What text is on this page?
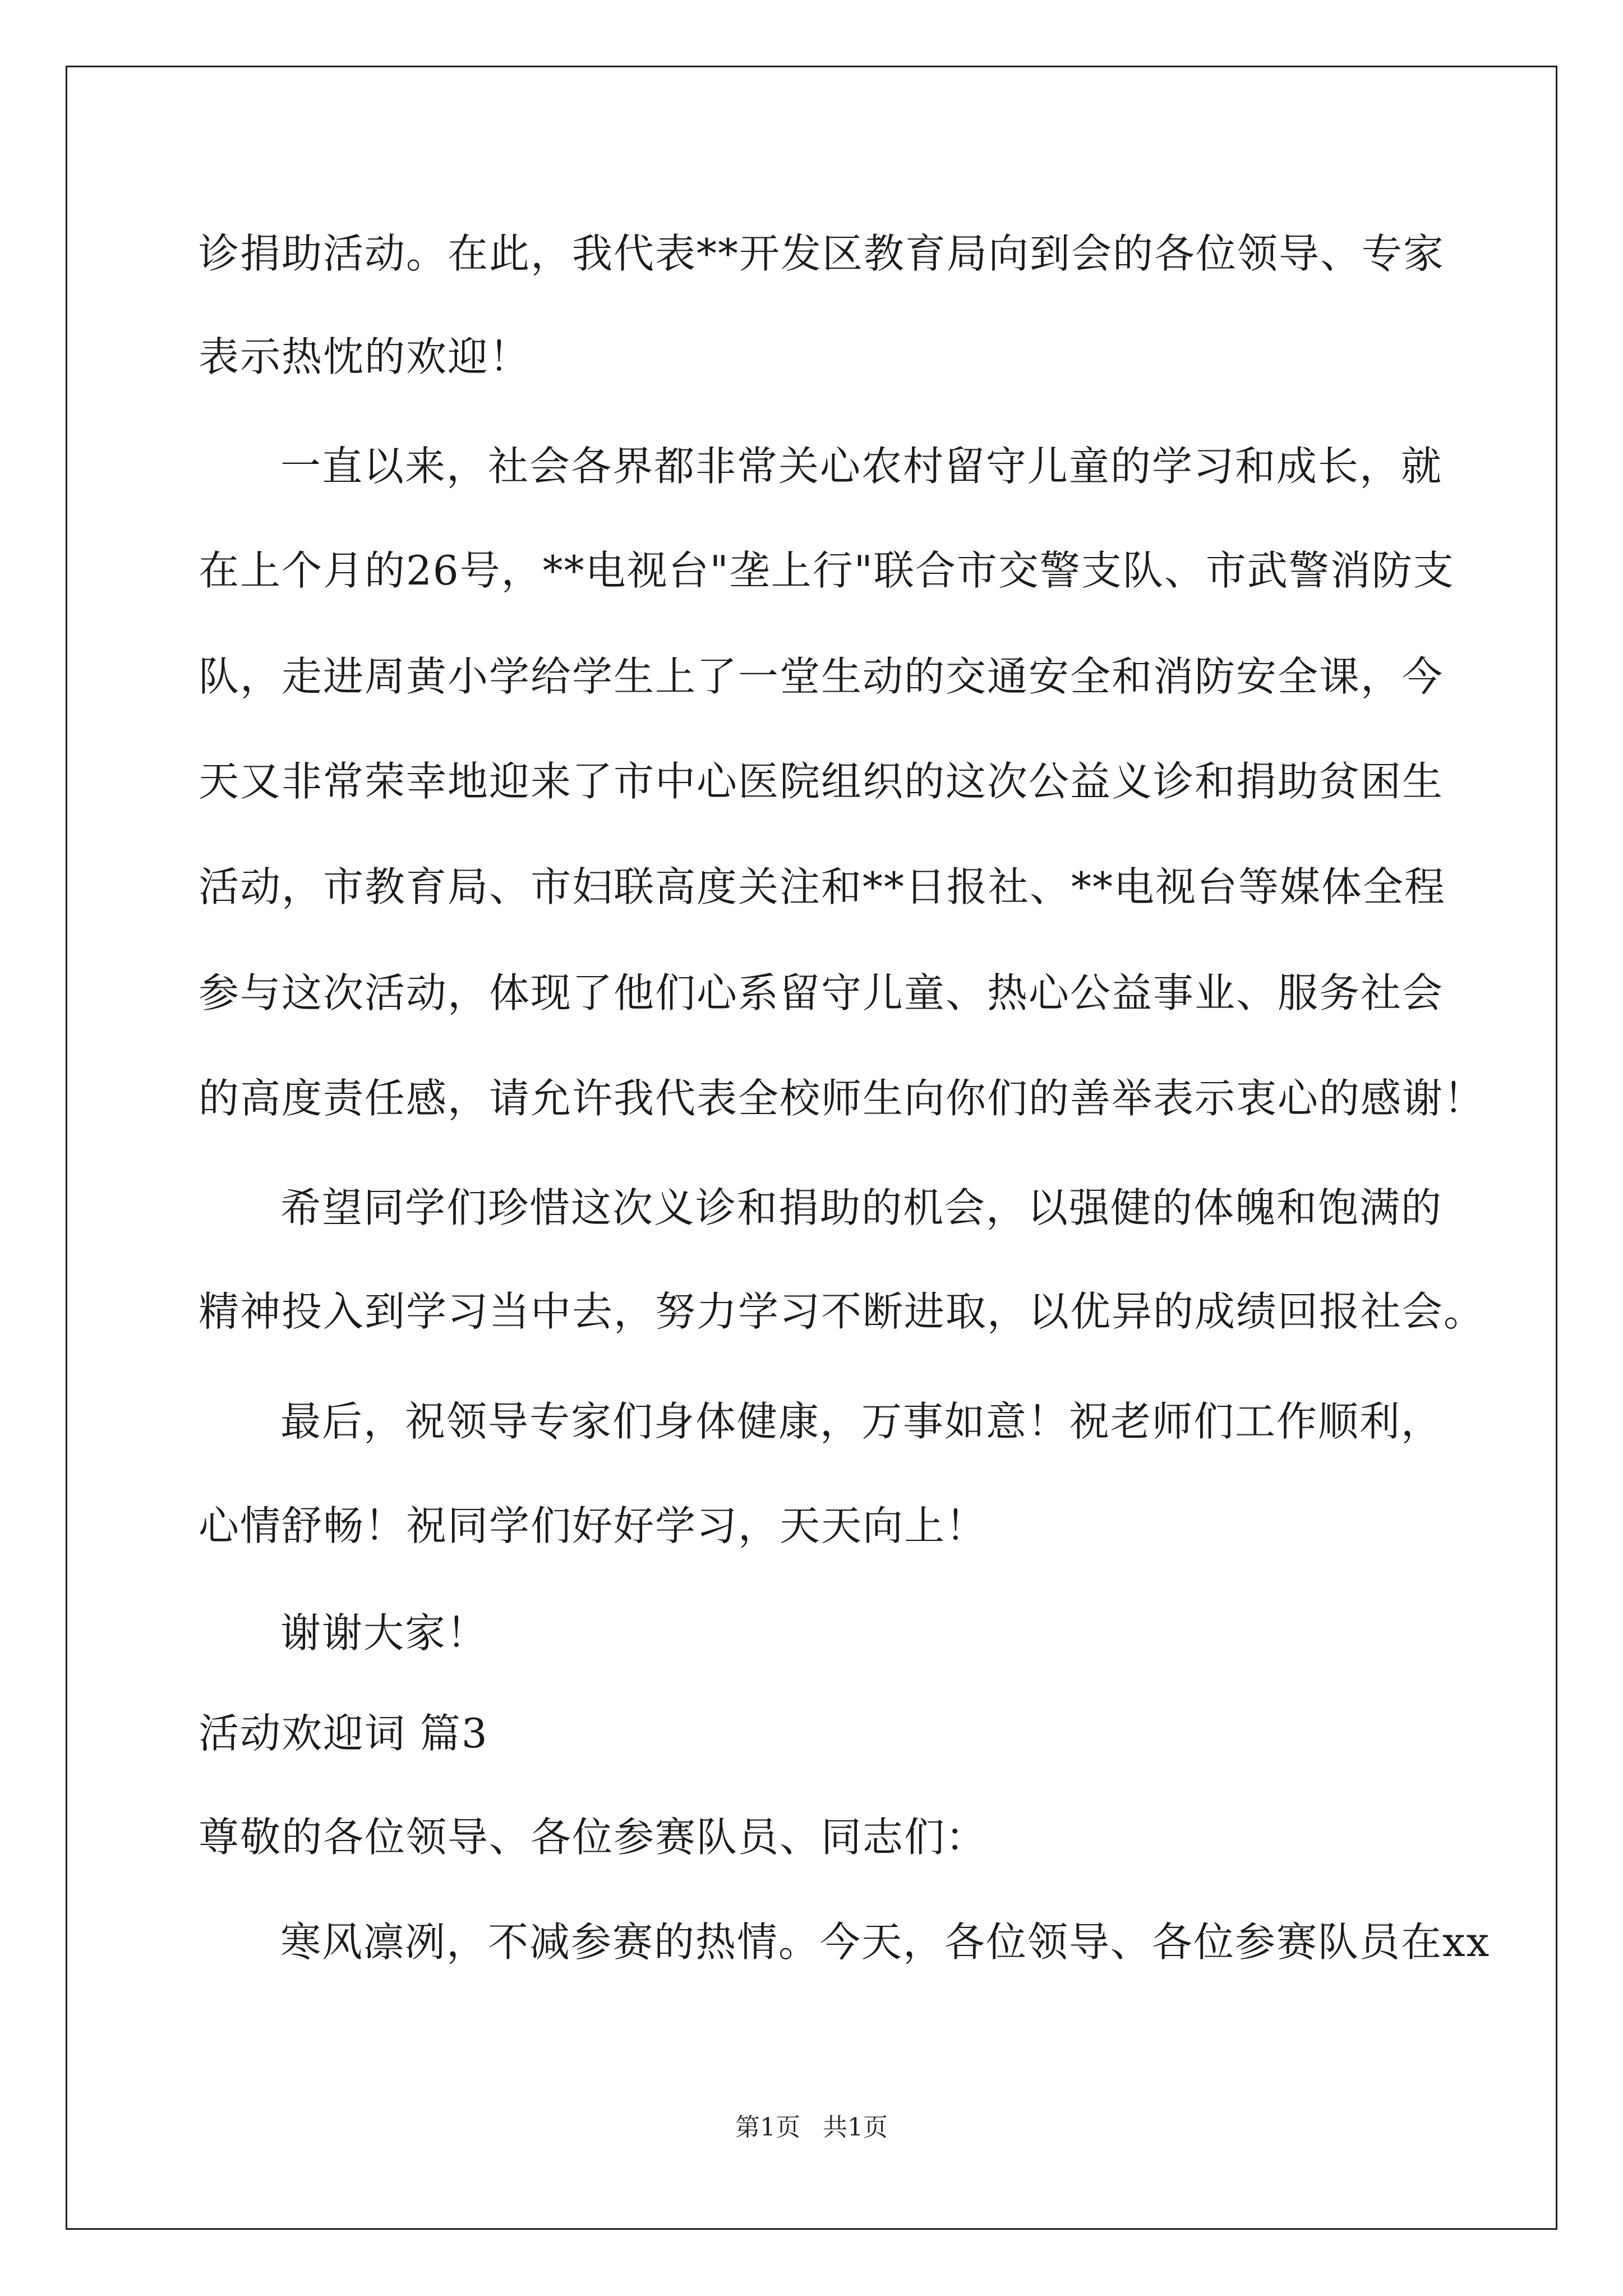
诊捐助活动。在此，我代表**开发区教育局向到会的各位领导、专家
表示热忱的欢迎！
一直以来，社会各界都非常关心农村留守儿童的学习和成长，就
在上个月的26号，**电视台"垄上行"联合市交警支队、市武警消防支
队，走进周黄小学给学生上了一堂生动的交通安全和消防安全课，今
天又非常荣幸地迎来了市中心医院组织的这次公益义诊和捐助贫困生
活动，市教育局、市妇联高度关注和**日报社、**电视台等媒体全程
参与这次活动，体现了他们心系留守儿童、热心公益事业、服务社会
的高度责任感，请允许我代表全校师生向你们的善举表示衷心的感谢！
希望同学们珍惜这次义诊和捐助的机会，以强健的体魄和饱满的
精神投入到学习当中去，努力学习不断进取，以优异的成绩回报社会。
最后，祝领导专家们身体健康，万事如意！祝老师们工作顺利，
心情舒畅！祝同学们好好学习，天天向上！
谢谢大家！
活动欢迎词 篇3
尊敬的各位领导、各位参赛队员、同志们：
寒风凛冽，不减参赛的热情。今天，各位领导、各位参赛队员在xx
第1页 共1页
